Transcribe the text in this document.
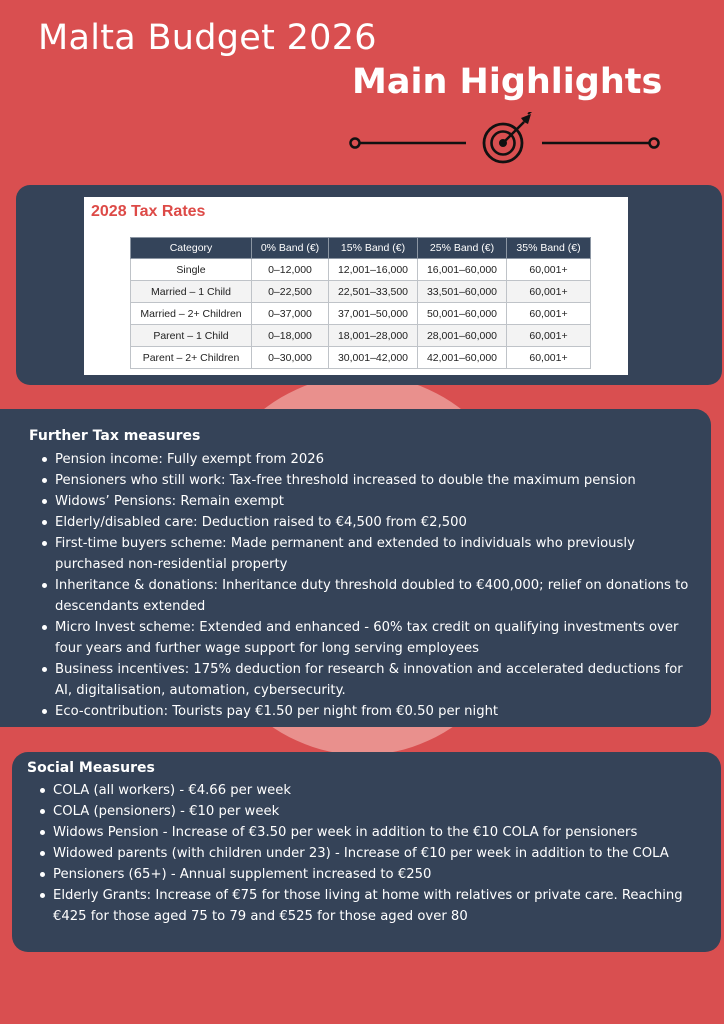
Malta Budget 2026
Main Highlights
2028 Tax Rates
Category	0% Band (€)	15% Band (€)	25% Band (€)	35% Band (€)
Single	0–12,000	12,001–16,000	16,001–60,000	60,001+
Married – 1 Child	0–22,500	22,501–33,500	33,501–60,000	60,001+
Married – 2+ Children	0–37,000	37,001–50,000	50,001–60,000	60,001+
Parent – 1 Child	0–18,000	18,001–28,000	28,001–60,000	60,001+
Parent – 2+ Children	0–30,000	30,001–42,000	42,001–60,000	60,001+
Further Tax measures
Pension income: Fully exempt from 2026
Pensioners who still work: Tax-free threshold increased to double the maximum pension
Widows’ Pensions: Remain exempt
Elderly/disabled care: Deduction raised to €4,500 from €2,500
First-time buyers scheme: Made permanent and extended to individuals who previously purchased non-residential property
Inheritance & donations: Inheritance duty threshold doubled to €400,000; relief on donations to descendants extended
Micro Invest scheme: Extended and enhanced - 60% tax credit on qualifying investments over four years and further wage support for long serving employees
Business incentives: 175% deduction for research & innovation and accelerated deductions for AI, digitalisation, automation, cybersecurity.
Eco-contribution: Tourists pay €1.50 per night from €0.50 per night
Social Measures
COLA (all workers) - €4.66 per week
COLA (pensioners) - €10 per week
Widows Pension - Increase of €3.50 per week in addition to the €10 COLA for pensioners
Widowed parents (with children under 23) - Increase of €10 per week in addition to the COLA
Pensioners (65+) - Annual supplement increased to €250
Elderly Grants: Increase of €75 for those living at home with relatives or private care. Reaching €425 for those aged 75 to 79 and €525 for those aged over 80
